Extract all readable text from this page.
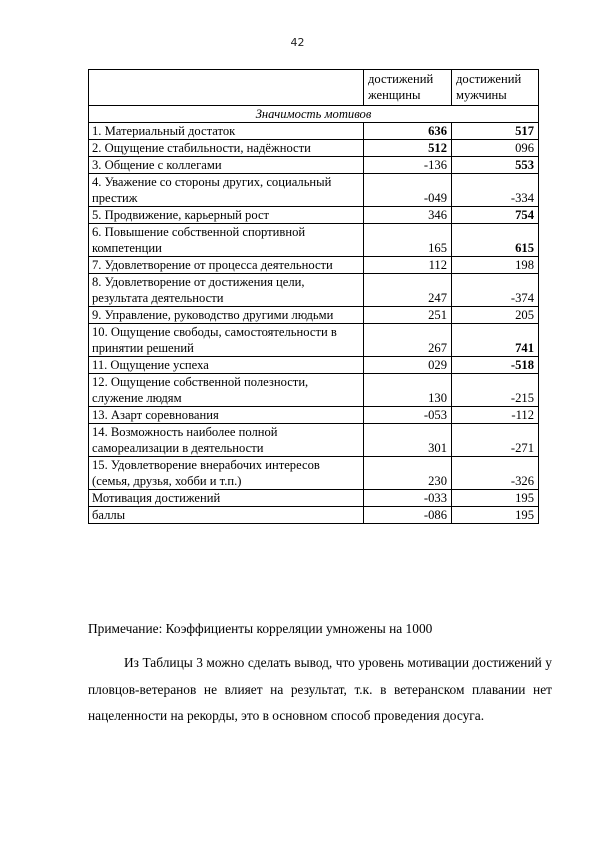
42
	достижений женщины	достижений мужчины
Значимость мотивов		
1. Материальный достаток	636	517
2. Ощущение стабильности, надёжности	512	096
3. Общение с коллегами	-136	553
4. Уважение со стороны других, социальный престиж	-049	-334
5. Продвижение, карьерный рост	346	754
6. Повышение собственной спортивной компетенции	165	615
7. Удовлетворение от процесса деятельности	112	198
8. Удовлетворение от достижения цели, результата деятельности	247	-374
9. Управление, руководство другими людьми	251	205
10. Ощущение свободы, самостоятельности в принятии решений	267	741
11. Ощущение успеха	029	-518
12. Ощущение собственной полезности, служение людям	130	-215
13. Азарт соревнования	-053	-112
14. Возможность наиболее полной самореализации в деятельности	301	-271
15. Удовлетворение внерабочих интересов (семья, друзья, хобби и т.п.)	230	-326
Мотивация достижений	-033	195
баллы	-086	195
Примечание: Коэффициенты корреляции умножены на 1000

Из Таблицы 3 можно сделать вывод, что уровень мотивации достижений у пловцов-ветеранов не влияет на результат, т.к. в ветеранском плавании нет нацеленности на рекорды, это в основном способ проведения досуга.
